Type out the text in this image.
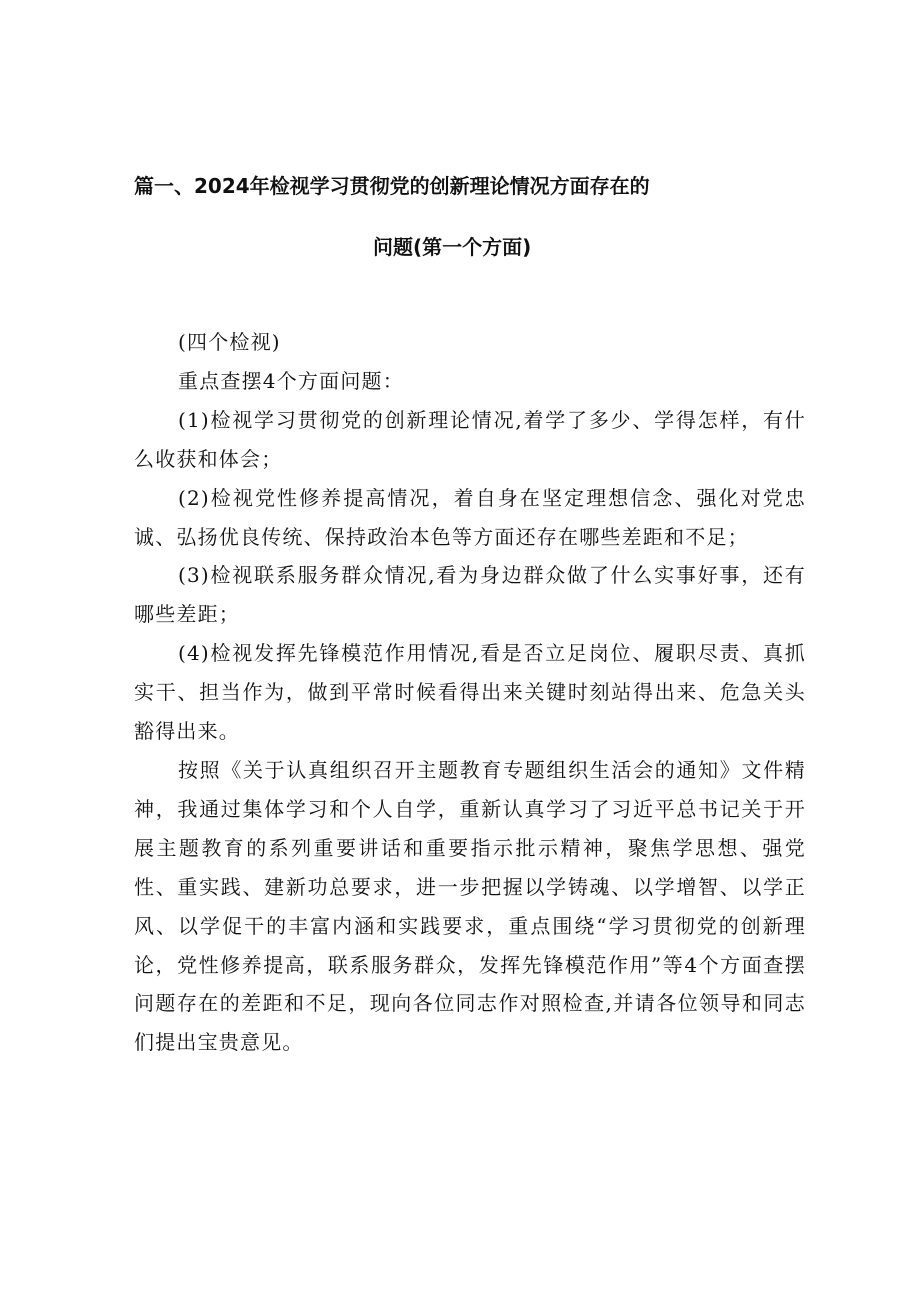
篇一、2024年检视学习贯彻党的创新理论情况方面存在的
问题(第一个方面)

(四个检视)

重点查摆4个方面问题：

(1)检视学习贯彻党的创新理论情况,着学了多少、学得怎样，有什么收获和体会；

(2)检视党性修养提高情况，着自身在坚定理想信念、强化对党忠诚、弘扬优良传统、保持政治本色等方面还存在哪些差距和不足；

(3)检视联系服务群众情况,看为身边群众做了什么实事好事，还有哪些差距；

(4)检视发挥先锋模范作用情况,看是否立足岗位、履职尽责、真抓实干、担当作为，做到平常时候看得出来关键时刻站得出来、危急关头豁得出来。

按照《关于认真组织召开主题教育专题组织生活会的通知》文件精神，我通过集体学习和个人自学，重新认真学习了习近平总书记关于开展主题教育的系列重要讲话和重要指示批示精神，聚焦学思想、强党性、重实践、建新功总要求，进一步把握以学铸魂、以学增智、以学正风、以学促干的丰富内涵和实践要求，重点围绕“学习贯彻党的创新理论，党性修养提高，联系服务群众，发挥先锋模范作用”等4个方面查摆问题存在的差距和不足，现向各位同志作对照检查,并请各位领导和同志们提出宝贵意见。
